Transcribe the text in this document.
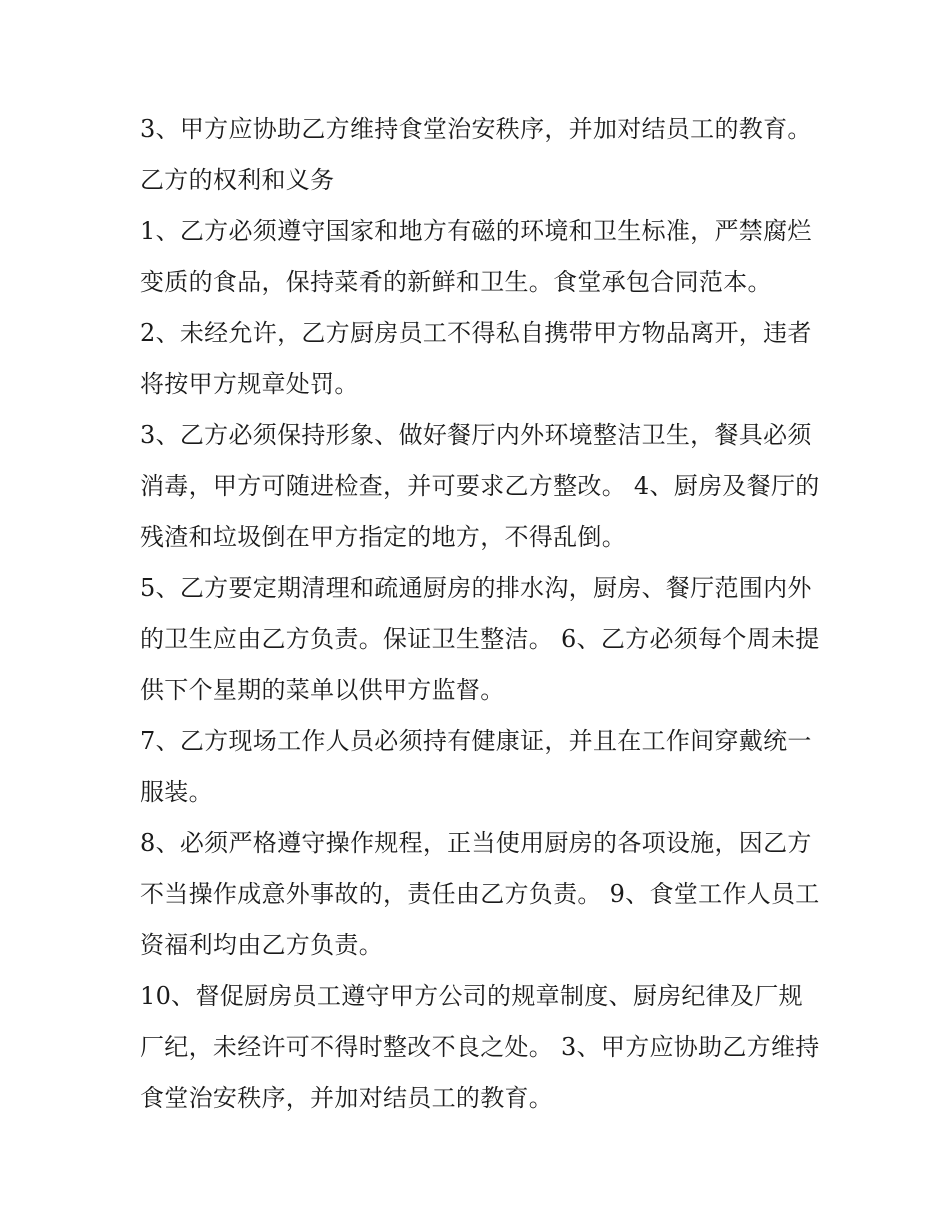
3、甲方应协助乙方维持食堂治安秩序，并加对结员工的教育。 乙方的权利和义务

1、乙方必须遵守国家和地方有磁的环境和卫生标准，严禁腐烂变质的食品，保持菜肴的新鲜和卫生。食堂承包合同范本。

2、未经允许，乙方厨房员工不得私自携带甲方物品离开，违者将按甲方规章处罚。

3、乙方必须保持形象、做好餐厅内外环境整洁卫生，餐具必须消毒，甲方可随进检查，并可要求乙方整改。 4、厨房及餐厅的残渣和垃圾倒在甲方指定的地方，不得乱倒。

5、乙方要定期清理和疏通厨房的排水沟，厨房、餐厅范围内外的卫生应由乙方负责。保证卫生整洁。 6、乙方必须每个周未提供下个星期的菜单以供甲方监督。

7、乙方现场工作人员必须持有健康证，并且在工作间穿戴统一服装。

8、必须严格遵守操作规程，正当使用厨房的各项设施，因乙方不当操作成意外事故的，责任由乙方负责。 9、食堂工作人员工资福利均由乙方负责。

10、督促厨房员工遵守甲方公司的规章制度、厨房纪律及厂规厂纪，未经许可不得时整改不良之处。 3、甲方应协助乙方维持食堂治安秩序，并加对结员工的教育。
